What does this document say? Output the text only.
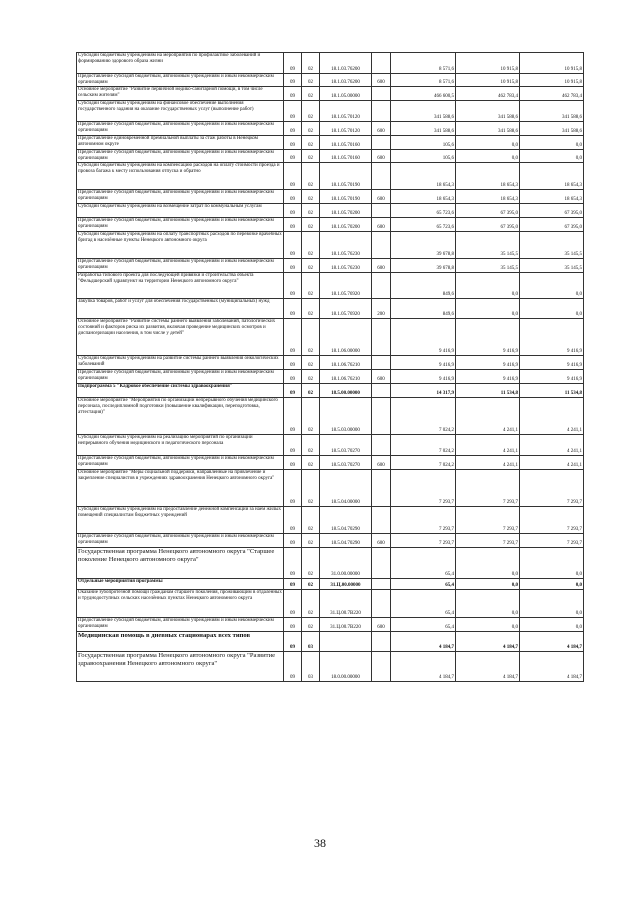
Субсидии бюджетным учреждениям на мероприятия по профилактике заболеваний и формированию здорового образа жизни	09	02	18.1.03.76200		8 571,6	10 915,8	10 915,8
Предоставление субсидий бюджетным, автономным учреждениям и иным некоммерческим организациям	09	02	18.1.03.76200	600	8 571,6	10 915,8	10 915,8
Основное мероприятие "Развитие первичной медико-санитарной помощи, в том числе сельским жителям"	09	02	18.1.05.00000		466 600,5	462 783,4	462 783,4
Субсидии бюджетным учреждениям на финансовое обеспечение выполнения государственного задания на оказание государственных услуг (выполнение работ)	09	02	18.1.05.70120		341 588,6	341 588,6	341 588,6
Предоставление субсидий бюджетным, автономным учреждениям и иным некоммерческим организациям	09	02	18.1.05.70120	600	341 588,6	341 588,6	341 588,6
Предоставление единовременной премиальной выплаты за стаж работы в Ненецком автономном округе	09	02	18.1.05.70160		105,6	0,0	0,0
Предоставление субсидий бюджетным, автономным учреждениям и иным некоммерческим организациям	09	02	18.1.05.70160	600	105,6	0,0	0,0
Субсидии бюджетным учреждениям на компенсацию расходов на оплату стоимости проезда и провоза багажа к месту использования отпуска и обратно	09	02	18.1.05.70190		18 654,3	18 654,3	18 654,3
Предоставление субсидий бюджетным, автономным учреждениям и иным некоммерческим организациям	09	02	18.1.05.70190	600	18 654,3	18 654,3	18 654,3
Субсидии бюджетным учреждениям на возмещение затрат по коммунальным услугам	09	02	18.1.05.70200		65 723,6	67 395,0	67 395,0
Предоставление субсидий бюджетным, автономным учреждениям и иным некоммерческим организациям	09	02	18.1.05.70200	600	65 723,6	67 395,0	67 395,0
Субсидии бюджетным учреждениям на оплату транспортных расходов по перевозке врачебных бригад в населённые пункты Ненецкого автономного округа	09	02	18.1.05.76230		39 678,8	35 145,5	35 145,5
Предоставление субсидий бюджетным, автономным учреждениям и иным некоммерческим организациям	09	02	18.1.05.76230	600	39 678,8	35 145,5	35 145,5
Разработка типового проекта для последующей привязки и строительства объекта "Фельдшерский здравпункт на территории Ненецкого автономного округа"	09	02	18.1.05.76920		849,6	0,0	0,0
Закупка товаров, работ и услуг для обеспечения государственных (муниципальных) нужд	09	02	18.1.05.76920	200	849,6	0,0	0,0
Основное мероприятие "Развитие системы раннего выявления заболеваний, патологических состояний и факторов риска их развития, включая проведение медицинских осмотров и диспансеризации населения, в том числе у детей"	09	02	18.1.06.00000		9 416,9	9 416,9	9 416,9
Субсидии бюджетным учреждениям на развитие системы раннего выявления онкологических заболеваний	09	02	18.1.06.76210		9 416,9	9 416,9	9 416,9
Предоставление субсидий бюджетным, автономным учреждениям и иным некоммерческим организациям	09	02	18.1.06.76210	600	9 416,9	9 416,9	9 416,9
Подпрограмма 5 "Кадровое обеспечение системы здравоохранения"	09	02	18.5.00.00000		14 317,9	11 534,8	11 534,8
Основное мероприятие "Мероприятия по организации непрерывного обучения медицинского персонала, последипломной подготовки (повышение квалификации, переподготовка, аттестация)"	09	02	18.5.03.00000		7 024,2	4 241,1	4 241,1
Субсидии бюджетным учреждениям на реализацию мероприятий по организации непрерывного обучения медицинского и педагогического персонала	09	02	18.5.03.70270		7 024,2	4 241,1	4 241,1
Предоставление субсидий бюджетным, автономным учреждениям и иным некоммерческим организациям	09	02	18.5.03.70270	600	7 024,2	4 241,1	4 241,1
Основное мероприятие "Меры социальной поддержки, направленные на привлечение и закрепление специалистов в учреждениях здравоохранения Ненецкого автономного округа"	09	02	18.5.04.00000		7 293,7	7 293,7	7 293,7
Субсидии бюджетным учреждениям на предоставление денежной компенсации за наём жилых помещений специалистам бюджетных учреждений	09	02	18.5.04.70290		7 293,7	7 293,7	7 293,7
Предоставление субсидий бюджетным, автономным учреждениям и иным некоммерческим организациям	09	02	18.5.04.70290	600	7 293,7	7 293,7	7 293,7
Государственная программа Ненецкого автономного округа "Старшее поколение Ненецкого автономного округа"	09	02	31.0.00.00000		65,4	0,0	0,0
Отдельные мероприятия программы	09	02	31.Ц.00.00000		65,4	0,0	0,0
Оказание зубопротезной помощи гражданам старшего поколения, проживающим в отдалённых и труднодоступных сельских населённых пунктах Ненецкого автономного округа	09	02	31.Ц.00.7В220		65,4	0,0	0,0
Предоставление субсидий бюджетным, автономным учреждениям и иным некоммерческим организациям	09	02	31.Ц.00.7В220	600	65,4	0,0	0,0
Медицинская помощь в дневных стационарах всех типов	09	03			4 184,7	4 184,7	4 184,7
Государственная программа Ненецкого автономного округа "Развитие здравоохранения Ненецкого автономного округа"	09	03	18.0.00.00000		4 184,7	4 184,7	4 184,7
38
